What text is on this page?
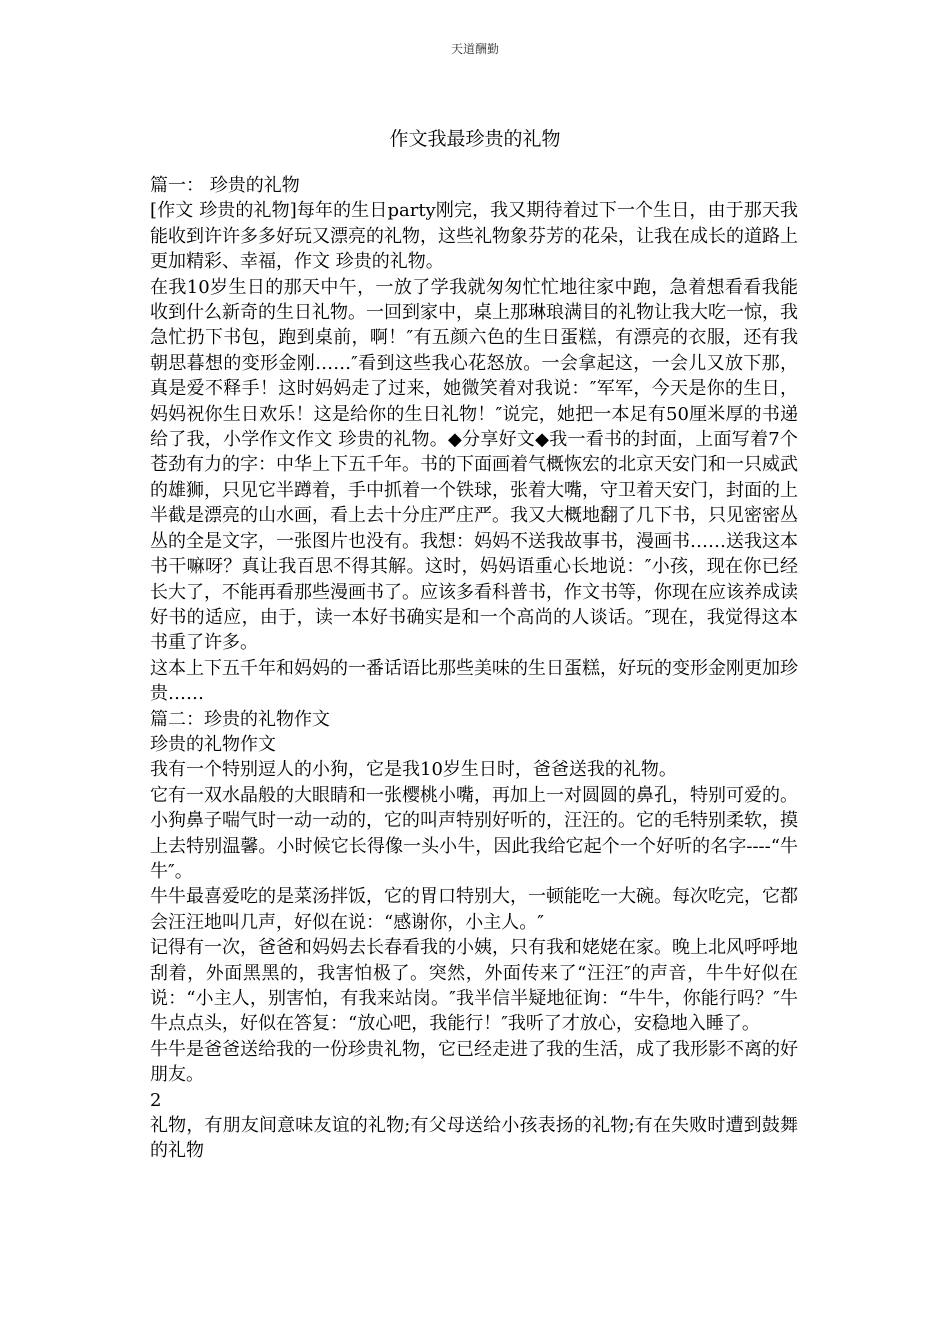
天道酬勤
作文我最珍贵的礼物

篇一： 珍贵的礼物

[作文 珍贵的礼物]每年的生日party刚完，我又期待着过下一个生日，由于那天我能收到许许多多好玩又漂亮的礼物，这些礼物象芬芳的花朵，让我在成长的道路上更加精彩、幸福，作文 珍贵的礼物。

在我10岁生日的那天中午，一放了学我就匆匆忙忙地往家中跑，急着想看看我能收到什么新奇的生日礼物。一回到家中，桌上那琳琅满目的礼物让我大吃一惊，我急忙扔下书包，跑到桌前，啊！″有五颜六色的生日蛋糕，有漂亮的衣服，还有我朝思暮想的变形金刚……″看到这些我心花怒放。一会拿起这，一会儿又放下那，真是爱不释手！这时妈妈走了过来，她微笑着对我说：″军军，今天是你的生日，妈妈祝你生日欢乐！这是给你的生日礼物！″说完，她把一本足有50厘米厚的书递给了我，小学作文作文 珍贵的礼物。◆分享好文◆我一看书的封面，上面写着7个苍劲有力的字：中华上下五千年。书的下面画着气概恢宏的北京天安门和一只威武的雄狮，只见它半蹲着，手中抓着一个铁球，张着大嘴，守卫着天安门，封面的上半截是漂亮的山水画，看上去十分庄严庄严。我又大概地翻了几下书，只见密密丛丛的全是文字，一张图片也没有。我想：妈妈不送我故事书，漫画书……送我这本书干嘛呀？真让我百思不得其解。这时，妈妈语重心长地说：″小孩，现在你已经长大了，不能再看那些漫画书了。应该多看科普书，作文书等，你现在应该养成读好书的适应，由于，读一本好书确实是和一个高尚的人谈话。″现在，我觉得这本书重了许多。

这本上下五千年和妈妈的一番话语比那些美味的生日蛋糕，好玩的变形金刚更加珍贵……

篇二：珍贵的礼物作文

珍贵的礼物作文

我有一个特别逗人的小狗，它是我10岁生日时，爸爸送我的礼物。

它有一双水晶般的大眼睛和一张樱桃小嘴，再加上一对圆圆的鼻孔，特别可爱的。小狗鼻子喘气时一动一动的，它的叫声特别好听的，汪汪的。它的毛特别柔软，摸上去特别温馨。小时候它长得像一头小牛，因此我给它起个一个好听的名字----“牛牛″。

牛牛最喜爱吃的是菜汤拌饭，它的胃口特别大，一顿能吃一大碗。每次吃完，它都会汪汪地叫几声，好似在说：“感谢你，小主人。″

记得有一次，爸爸和妈妈去长春看我的小姨，只有我和姥姥在家。晚上北风呼呼地刮着，外面黑黑的，我害怕极了。突然，外面传来了“汪汪″的声音，牛牛好似在说：“小主人，别害怕，有我来站岗。″我半信半疑地征询：“牛牛，你能行吗？″牛牛点点头，好似在答复：“放心吧，我能行！″我听了才放心，安稳地入睡了。

牛牛是爸爸送给我的一份珍贵礼物，它已经走进了我的生活，成了我形影不离的好朋友。

2

礼物，有朋友间意味友谊的礼物;有父母送给小孩表扬的礼物;有在失败时遭到鼓舞的礼物
